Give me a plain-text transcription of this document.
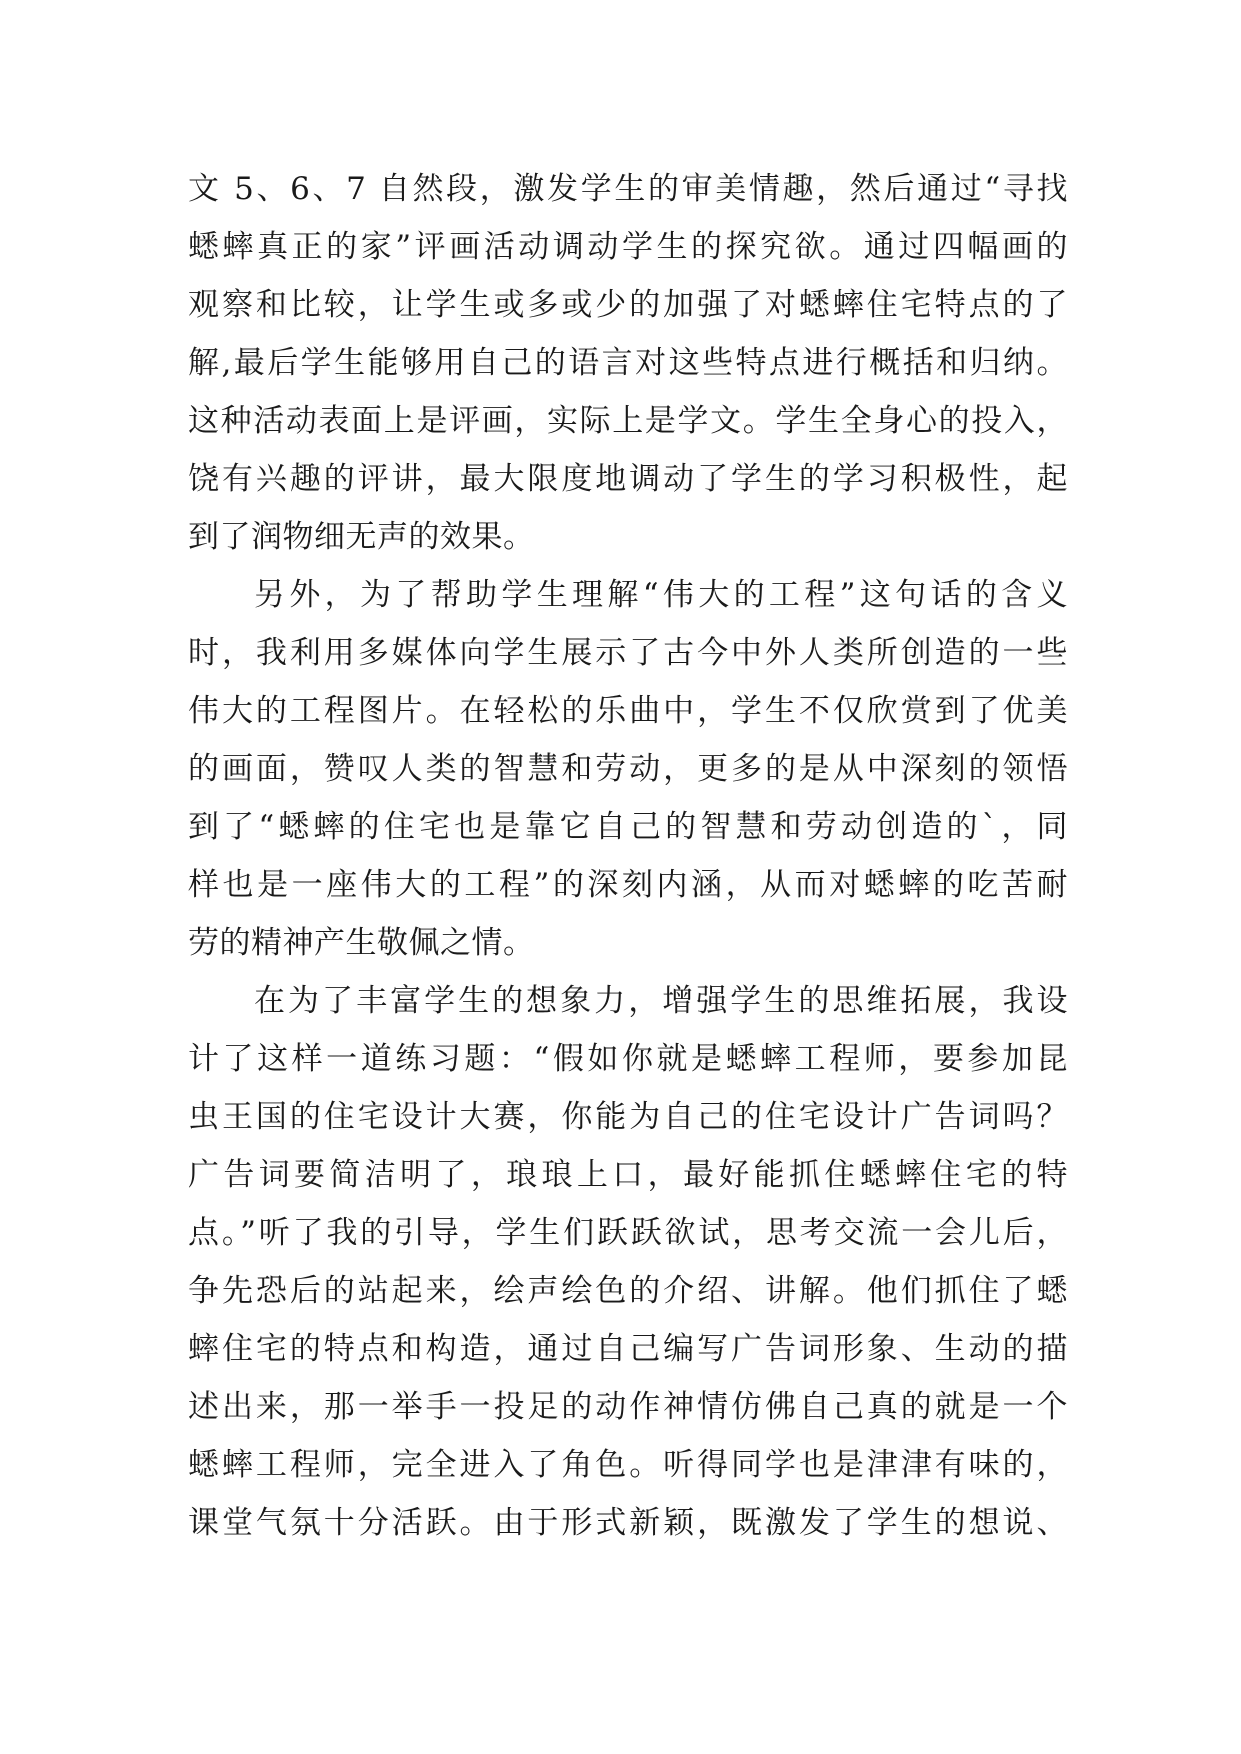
文 5、6、7 自然段，激发学生的审美情趣，然后通过“寻找
蟋蟀真正的家”评画活动调动学生的探究欲。通过四幅画的
观察和比较，让学生或多或少的加强了对蟋蟀住宅特点的了
解,最后学生能够用自己的语言对这些特点进行概括和归纳。
这种活动表面上是评画，实际上是学文。学生全身心的投入，
饶有兴趣的评讲，最大限度地调动了学生的学习积极性，起
到了润物细无声的效果。
另外，为了帮助学生理解“伟大的工程”这句话的含义
时，我利用多媒体向学生展示了古今中外人类所创造的一些
伟大的工程图片。在轻松的乐曲中，学生不仅欣赏到了优美
的画面，赞叹人类的智慧和劳动，更多的是从中深刻的领悟
到了“蟋蟀的住宅也是靠它自己的智慧和劳动创造的`，同
样也是一座伟大的工程”的深刻内涵，从而对蟋蟀的吃苦耐
劳的精神产生敬佩之情。
在为了丰富学生的想象力，增强学生的思维拓展，我设
计了这样一道练习题：“假如你就是蟋蟀工程师，要参加昆
虫王国的住宅设计大赛，你能为自己的住宅设计广告词吗？
广告词要简洁明了，琅琅上口，最好能抓住蟋蟀住宅的特
点。”听了我的引导，学生们跃跃欲试，思考交流一会儿后，
争先恐后的站起来，绘声绘色的介绍、讲解。他们抓住了蟋
蟀住宅的特点和构造，通过自己编写广告词形象、生动的描
述出来，那一举手一投足的动作神情仿佛自己真的就是一个
蟋蟀工程师，完全进入了角色。听得同学也是津津有味的，
课堂气氛十分活跃。由于形式新颖，既激发了学生的想说、
